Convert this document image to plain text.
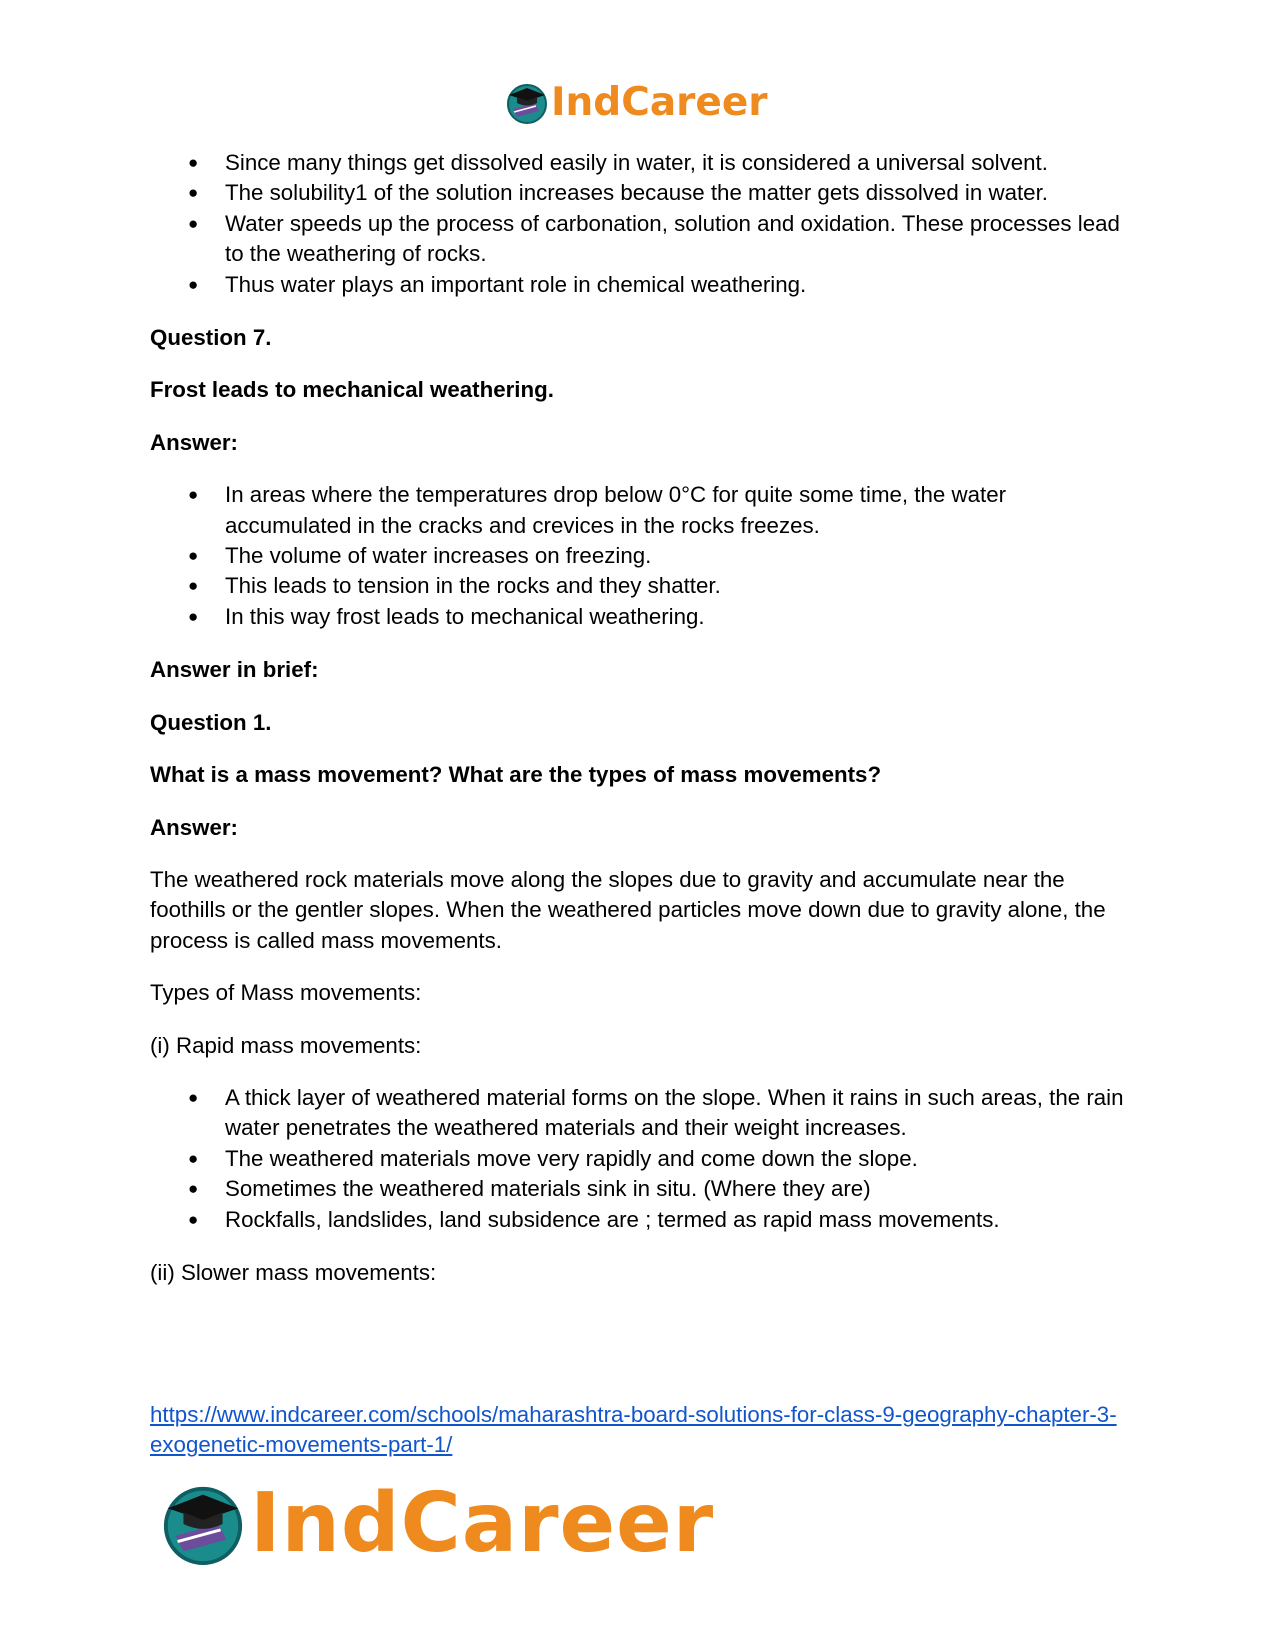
IndCareer
● Since many things get dissolved easily in water, it is considered a universal solvent.
● The solubility1 of the solution increases because the matter gets dissolved in water.
● Water speeds up the process of carbonation, solution and oxidation. These processes lead to the weathering of rocks.
● Thus water plays an important role in chemical weathering.

Question 7.

Frost leads to mechanical weathering.

Answer:

● In areas where the temperatures drop below 0°C for quite some time, the water accumulated in the cracks and crevices in the rocks freezes.
● The volume of water increases on freezing.
● This leads to tension in the rocks and they shatter.
● In this way frost leads to mechanical weathering.

Answer in brief:

Question 1.

What is a mass movement? What are the types of mass movements?

Answer:

The weathered rock materials move along the slopes due to gravity and accumulate near the foothills or the gentler slopes. When the weathered particles move down due to gravity alone, the process is called mass movements.

Types of Mass movements:

(i) Rapid mass movements:

● A thick layer of weathered material forms on the slope. When it rains in such areas, the rain water penetrates the weathered materials and their weight increases.
● The weathered materials move very rapidly and come down the slope.
● Sometimes the weathered materials sink in situ. (Where they are)
● Rockfalls, landslides, land subsidence are ; termed as rapid mass movements.

(ii) Slower mass movements:

https://www.indcareer.com/schools/maharashtra-board-solutions-for-class-9-geography-chapter-3-exogenetic-movements-part-1/
IndCareer
